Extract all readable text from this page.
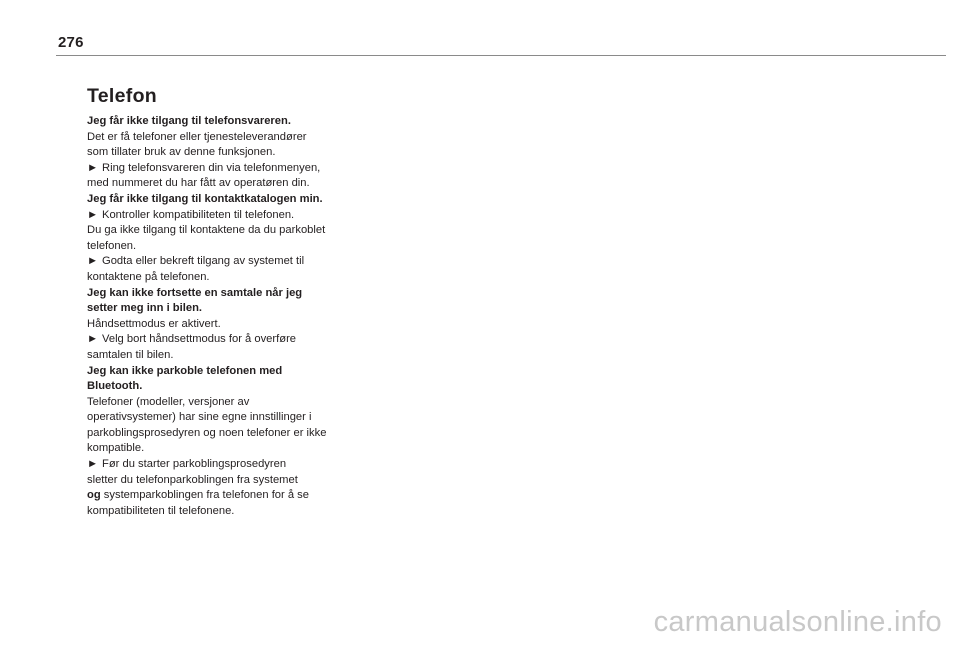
276
Telefon
Jeg får ikke tilgang til telefonsvareren.
Det er få telefoner eller tjenesteleverandører
som tillater bruk av denne funksjonen.
► Ring telefonsvareren din via telefonmenyen,
med nummeret du har fått av operatøren din.
Jeg får ikke tilgang til kontaktkatalogen min.
► Kontroller kompatibiliteten til telefonen.
Du ga ikke tilgang til kontaktene da du parkoblet
telefonen.
► Godta eller bekreft tilgang av systemet til
kontaktene på telefonen.
Jeg kan ikke fortsette en samtale når jeg
setter meg inn i bilen.
Håndsettmodus er aktivert.
► Velg bort håndsettmodus for å overføre
samtalen til bilen.
Jeg kan ikke parkoble telefonen med
Bluetooth.
Telefoner (modeller, versjoner av
operativsystemer) har sine egne innstillinger i
parkoblingsprosedyren og noen telefoner er ikke
kompatible.
► Før du starter parkoblingsprosedyren
sletter du telefonparkoblingen fra systemet
og systemparkoblingen fra telefonen for å se
kompatibiliteten til telefonene.
carmanualsonline.info
